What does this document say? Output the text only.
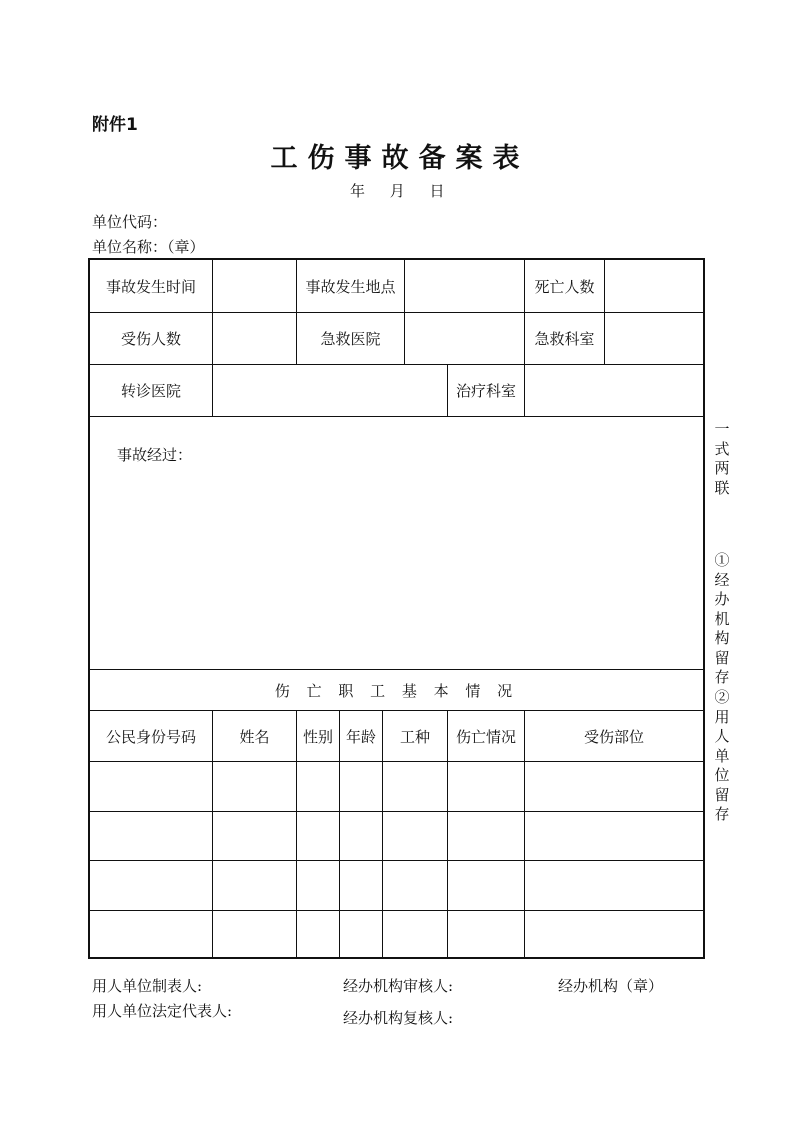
附件1
工伤事故备案表
年 月 日
单位代码：
单位名称：（章）
事故发生时间	事故发生地点	死亡人数
受伤人数	急救医院	急救科室
转诊医院	治疗科室
事故经过：
伤 亡 职 工 基 本 情 况
公民身份号码	姓名	性别 年龄	工种	伤亡情况	受伤部位
一式两联
①经办机构留存
②用人单位留存
用人单位制表人:
用人单位法定代表人:
经办机构审核人:
经办机构复核人:
经办机构（章）
